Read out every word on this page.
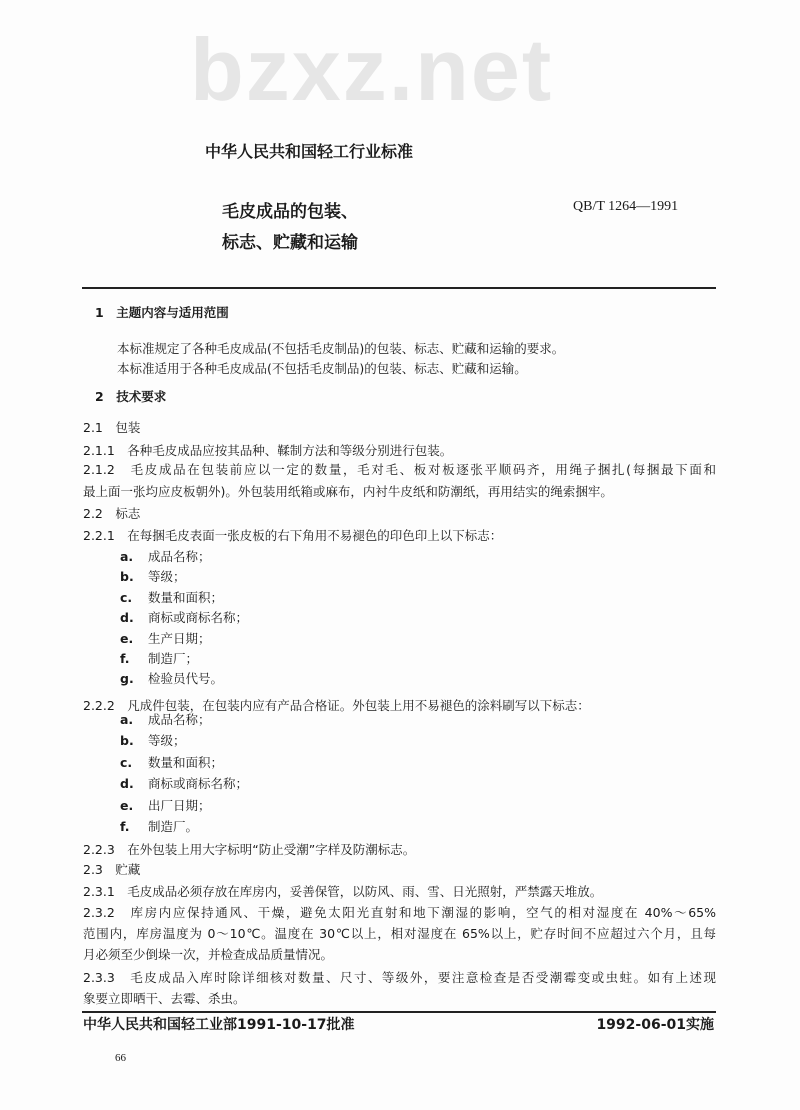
bzxz.net
中华人民共和国轻工行业标准
毛皮成品的包装、
标志、贮藏和运输
QB/T 1264—1991
1　主题内容与适用范围
本标准规定了各种毛皮成品(不包括毛皮制品)的包装、标志、贮藏和运输的要求。
本标准适用于各种毛皮成品(不包括毛皮制品)的包装、标志、贮藏和运输。
2　技术要求
2.1　包装
2.1.1　各种毛皮成品应按其品种、鞣制方法和等级分别进行包装。
2.1.2　毛皮成品在包装前应以一定的数量，毛对毛、板对板逐张平顺码齐，用绳子捆扎(每捆最下面和
最上面一张均应皮板朝外)。外包装用纸箱或麻布，内衬牛皮纸和防潮纸，再用结实的绳索捆牢。
2.2　标志
2.2.1　在每捆毛皮表面一张皮板的右下角用不易褪色的印色印上以下标志：
a. 成品名称；
b. 等级；
c. 数量和面积；
d. 商标或商标名称；
e. 生产日期；
f. 制造厂；
g. 检验员代号。
2.2.2　凡成件包装，在包装内应有产品合格证。外包装上用不易褪色的涂料刷写以下标志：
a. 成品名称；
b. 等级；
c. 数量和面积；
d. 商标或商标名称；
e. 出厂日期；
f. 制造厂。
2.2.3　在外包装上用大字标明“防止受潮”字样及防潮标志。
2.3　贮藏
2.3.1　毛皮成品必须存放在库房内，妥善保管，以防风、雨、雪、日光照射，严禁露天堆放。
2.3.2　库房内应保持通风、干燥，避免太阳光直射和地下潮湿的影响，空气的相对湿度在 40%～65%
范围内，库房温度为 0～10℃。温度在 30℃以上，相对湿度在 65%以上，贮存时间不应超过六个月，且每
月必须至少倒垛一次，并检查成品质量情况。
2.3.3　毛皮成品入库时除详细核对数量、尺寸、等级外，要注意检查是否受潮霉变或虫蛀。如有上述现
象要立即晒干、去霉、杀虫。
中华人民共和国轻工业部1991-10-17批准	1992-06-01实施
66
